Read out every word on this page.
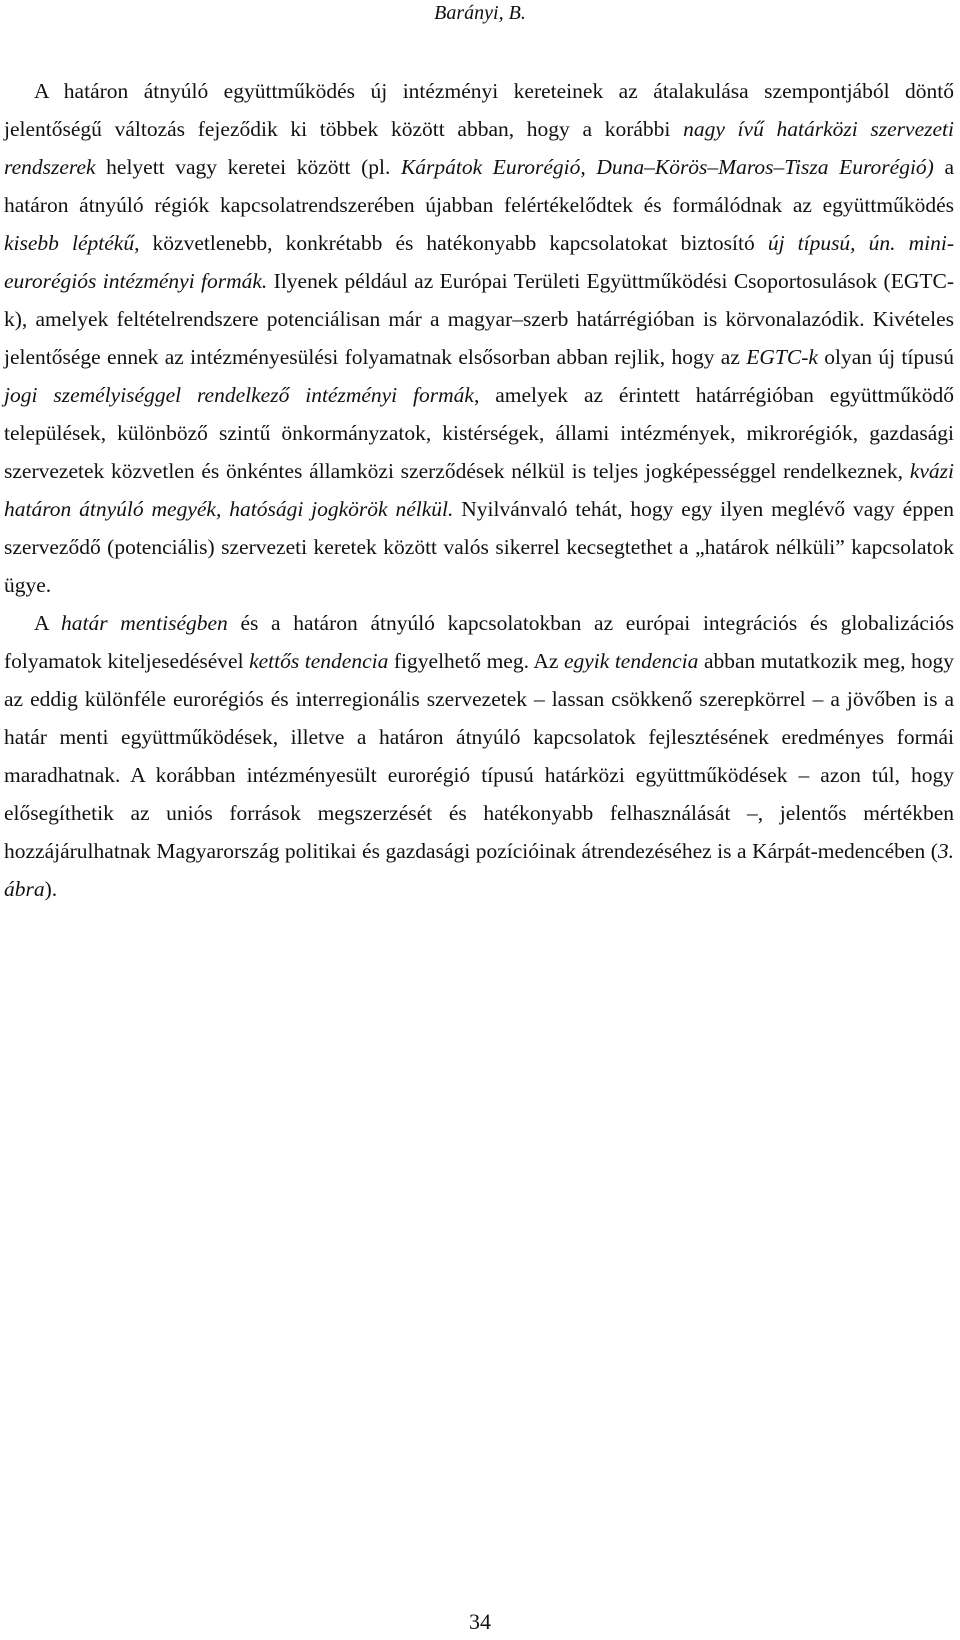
Barányi, B.

A határon átnyúló együttműködés új intézményi kereteinek az átalakulása szempontjából döntő jelentőségű változás fejeződik ki többek között abban, hogy a korábbi nagy ívű határközi szervezeti rendszerek helyett vagy keretei között (pl. Kárpátok Eurorégió, Duna–Körös–Maros–Tisza Eurorégió) a határon átnyúló régiók kapcsolatrendszerében újabban felértékelődtek és formálódnak az együttműködés kisebb léptékű, közvetlenebb, konkrétabb és hatékonyabb kapcsolatokat biztosító új típusú, ún. mini-eurorégiós intézményi formák. Ilyenek például az Európai Területi Együttműködési Csoportosulások (EGTC-k), amelyek feltételrendszere potenciálisan már a magyar–szerb határrégióban is körvonalazódik. Kivételes jelentősége ennek az intézményesülési folyamatnak elsősorban abban rejlik, hogy az EGTC-k olyan új típusú jogi személyiséggel rendelkező intézményi formák, amelyek az érintett határrégióban együttműködő települések, különböző szintű önkormányzatok, kistérségek, állami intézmények, mikrorégiók, gazdasági szervezetek közvetlen és önkéntes államközi szerződések nélkül is teljes jogképességgel rendelkeznek, kvázi határon átnyúló megyék, hatósági jogkörök nélkül. Nyilvánvaló tehát, hogy egy ilyen meglévő vagy éppen szerveződő (potenciális) szervezeti keretek között valós sikerrel kecsegtethet a „határok nélküli” kapcsolatok ügye.

A határ mentiségben és a határon átnyúló kapcsolatokban az európai integrációs és globalizációs folyamatok kiteljesedésével kettős tendencia figyelhető meg. Az egyik tendencia abban mutatkozik meg, hogy az eddig különféle eurorégiós és interregionális szervezetek – lassan csökkenő szerepkörrel – a jövőben is a határ menti együttműködések, illetve a határon átnyúló kapcsolatok fejlesztésének eredményes formái maradhatnak. A korábban intézményesült eurorégió típusú határközi együttműködések – azon túl, hogy elősegíthetik az uniós források megszerzését és hatékonyabb felhasználását –, jelentős mértékben hozzájárulhatnak Magyarország politikai és gazdasági pozícióinak átrendezéséhez is a Kárpát-medencében (3. ábra).

34
